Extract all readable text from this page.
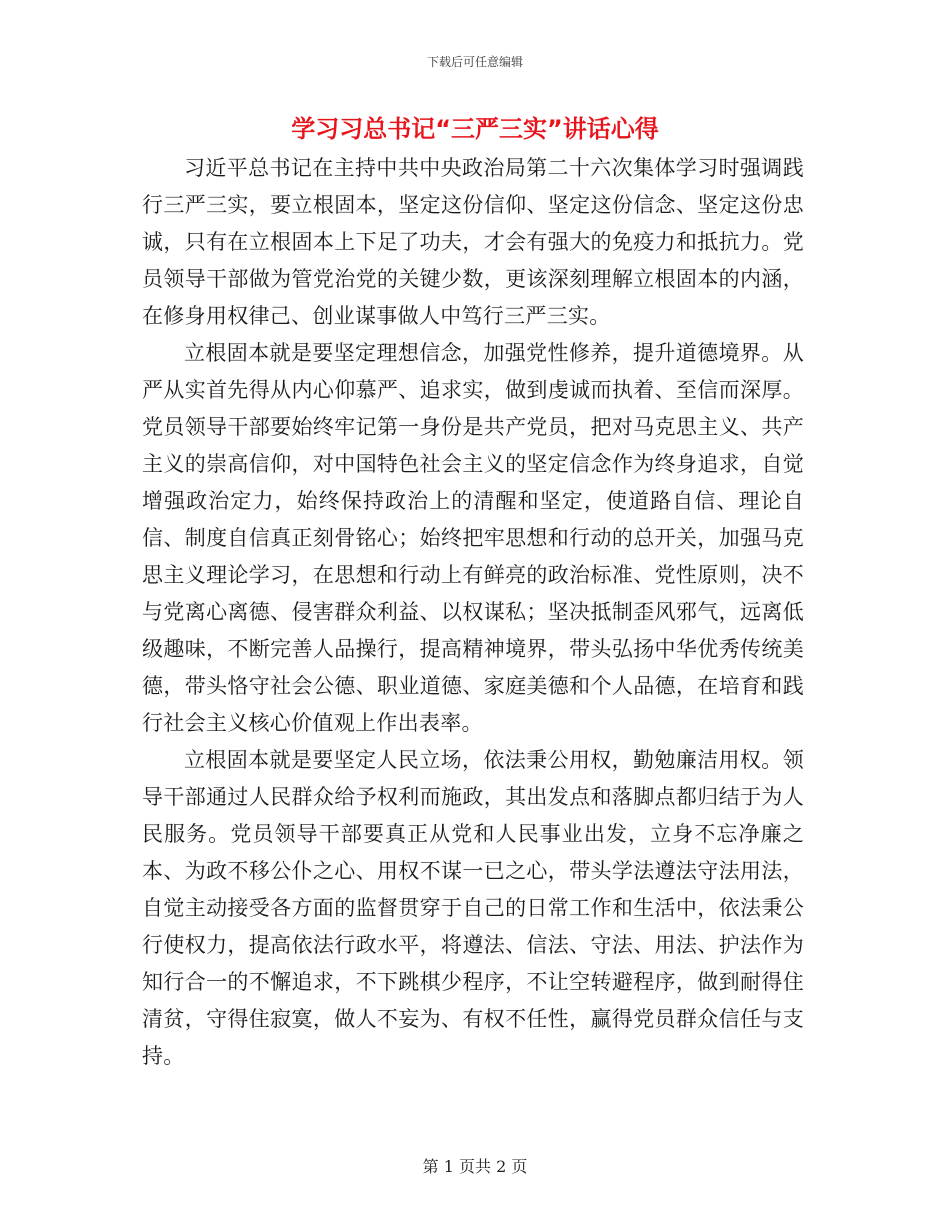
下载后可任意编辑
学习习总书记“三严三实”讲话心得

习近平总书记在主持中共中央政治局第二十六次集体学习时强调践行三严三实，要立根固本，坚定这份信仰、坚定这份信念、坚定这份忠诚，只有在立根固本上下足了功夫，才会有强大的免疫力和抵抗力。党员领导干部做为管党治党的关键少数，更该深刻理解立根固本的内涵，在修身用权律己、创业谋事做人中笃行三严三实。

立根固本就是要坚定理想信念，加强党性修养，提升道德境界。从严从实首先得从内心仰慕严、追求实，做到虔诚而执着、至信而深厚。党员领导干部要始终牢记第一身份是共产党员，把对马克思主义、共产主义的崇高信仰，对中国特色社会主义的坚定信念作为终身追求，自觉增强政治定力，始终保持政治上的清醒和坚定，使道路自信、理论自信、制度自信真正刻骨铭心；始终把牢思想和行动的总开关，加强马克思主义理论学习，在思想和行动上有鲜亮的政治标准、党性原则，决不与党离心离德、侵害群众利益、以权谋私；坚决抵制歪风邪气，远离低级趣味，不断完善人品操行，提高精神境界，带头弘扬中华优秀传统美德，带头恪守社会公德、职业道德、家庭美德和个人品德，在培育和践行社会主义核心价值观上作出表率。

立根固本就是要坚定人民立场，依法秉公用权，勤勉廉洁用权。领导干部通过人民群众给予权利而施政，其出发点和落脚点都归结于为人民服务。党员领导干部要真正从党和人民事业出发，立身不忘净廉之本、为政不移公仆之心、用权不谋一已之心，带头学法遵法守法用法，自觉主动接受各方面的监督贯穿于自己的日常工作和生活中，依法秉公行使权力，提高依法行政水平，将遵法、信法、守法、用法、护法作为知行合一的不懈追求，不下跳棋少程序，不让空转避程序，做到耐得住清贫，守得住寂寞，做人不妄为、有权不任性，赢得党员群众信任与支持。

第 1 页共 2 页
